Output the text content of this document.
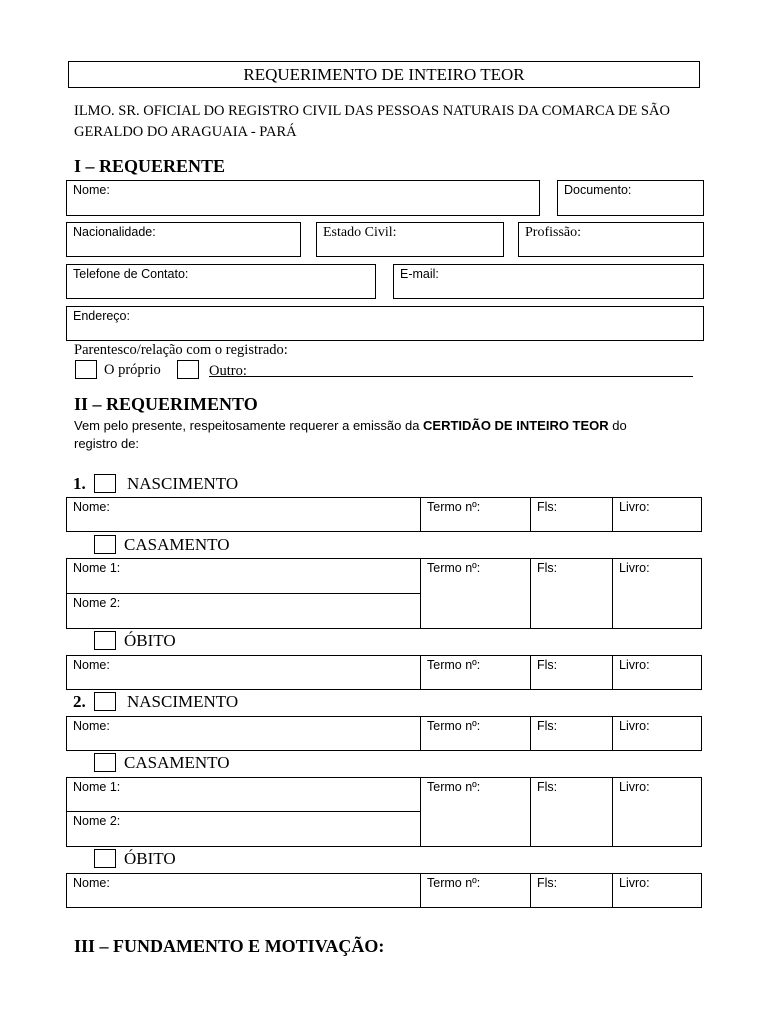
REQUERIMENTO DE INTEIRO TEOR
ILMO. SR. OFICIAL DO REGISTRO CIVIL DAS PESSOAS NATURAIS DA COMARCA DE SÃO
GERALDO DO ARAGUAIA - PARÁ
I – REQUERENTE
Nome:	Documento:
Nacionalidade:	Estado Civil:	Profissão:
Telefone de Contato:	E-mail:
Endereço:
Parentesco/relação com o registrado:
O próprio	Outro:
II – REQUERIMENTO
Vem pelo presente, respeitosamente requerer a emissão da CERTIDÃO DE INTEIRO TEOR do
registro de:
1. NASCIMENTO
Nome:	Termo nº:	Fls:	Livro:
CASAMENTO
Nome 1:
Nome 2:
Termo nº:	Fls:	Livro:
ÓBITO
Nome:	Termo nº:	Fls:	Livro:
2. NASCIMENTO
Nome:	Termo nº:	Fls:	Livro:
CASAMENTO
Nome 1:
Nome 2:
Termo nº:	Fls:	Livro:
ÓBITO
Nome:	Termo nº:	Fls:	Livro:
III – FUNDAMENTO E MOTIVAÇÃO:
